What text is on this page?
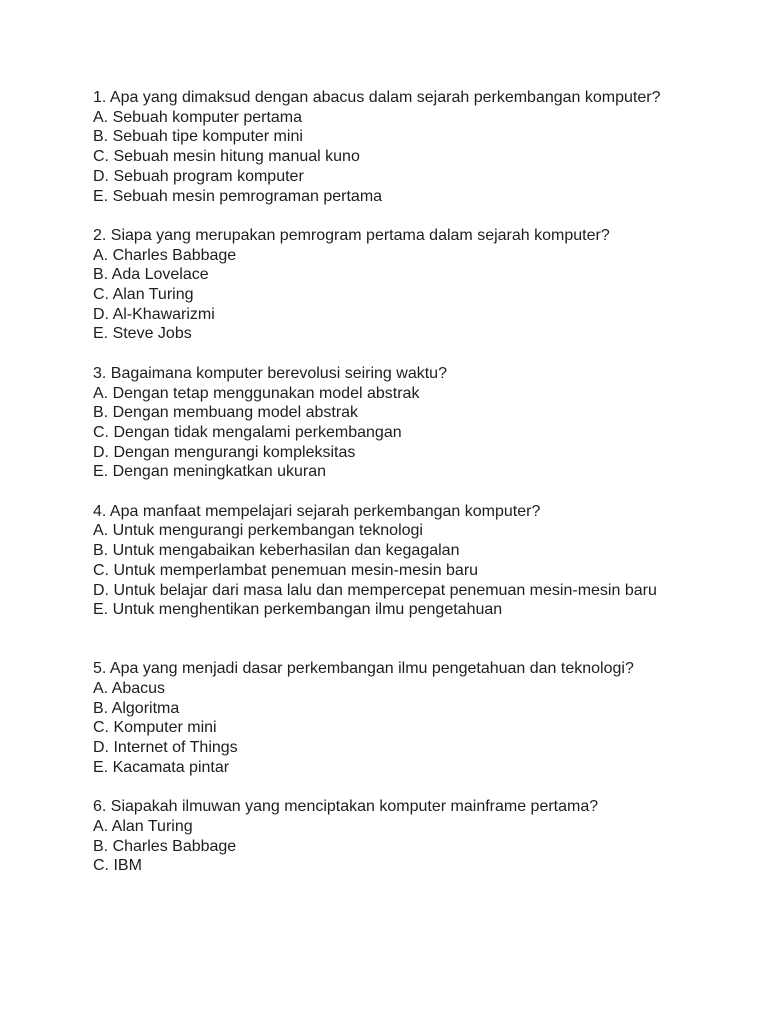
1. Apa yang dimaksud dengan abacus dalam sejarah perkembangan komputer?
A. Sebuah komputer pertama
B. Sebuah tipe komputer mini
C. Sebuah mesin hitung manual kuno
D. Sebuah program komputer
E. Sebuah mesin pemrograman pertama
2. Siapa yang merupakan pemrogram pertama dalam sejarah komputer?
A. Charles Babbage
B. Ada Lovelace
C. Alan Turing
D. Al-Khawarizmi
E. Steve Jobs
3. Bagaimana komputer berevolusi seiring waktu?
A. Dengan tetap menggunakan model abstrak
B. Dengan membuang model abstrak
C. Dengan tidak mengalami perkembangan
D. Dengan mengurangi kompleksitas
E. Dengan meningkatkan ukuran
4. Apa manfaat mempelajari sejarah perkembangan komputer?
A. Untuk mengurangi perkembangan teknologi
B. Untuk mengabaikan keberhasilan dan kegagalan
C. Untuk memperlambat penemuan mesin-mesin baru
D. Untuk belajar dari masa lalu dan mempercepat penemuan mesin-mesin baru
E. Untuk menghentikan perkembangan ilmu pengetahuan
5. Apa yang menjadi dasar perkembangan ilmu pengetahuan dan teknologi?
A. Abacus
B. Algoritma
C. Komputer mini
D. Internet of Things
E. Kacamata pintar
6. Siapakah ilmuwan yang menciptakan komputer mainframe pertama?
A. Alan Turing
B. Charles Babbage
C. IBM
